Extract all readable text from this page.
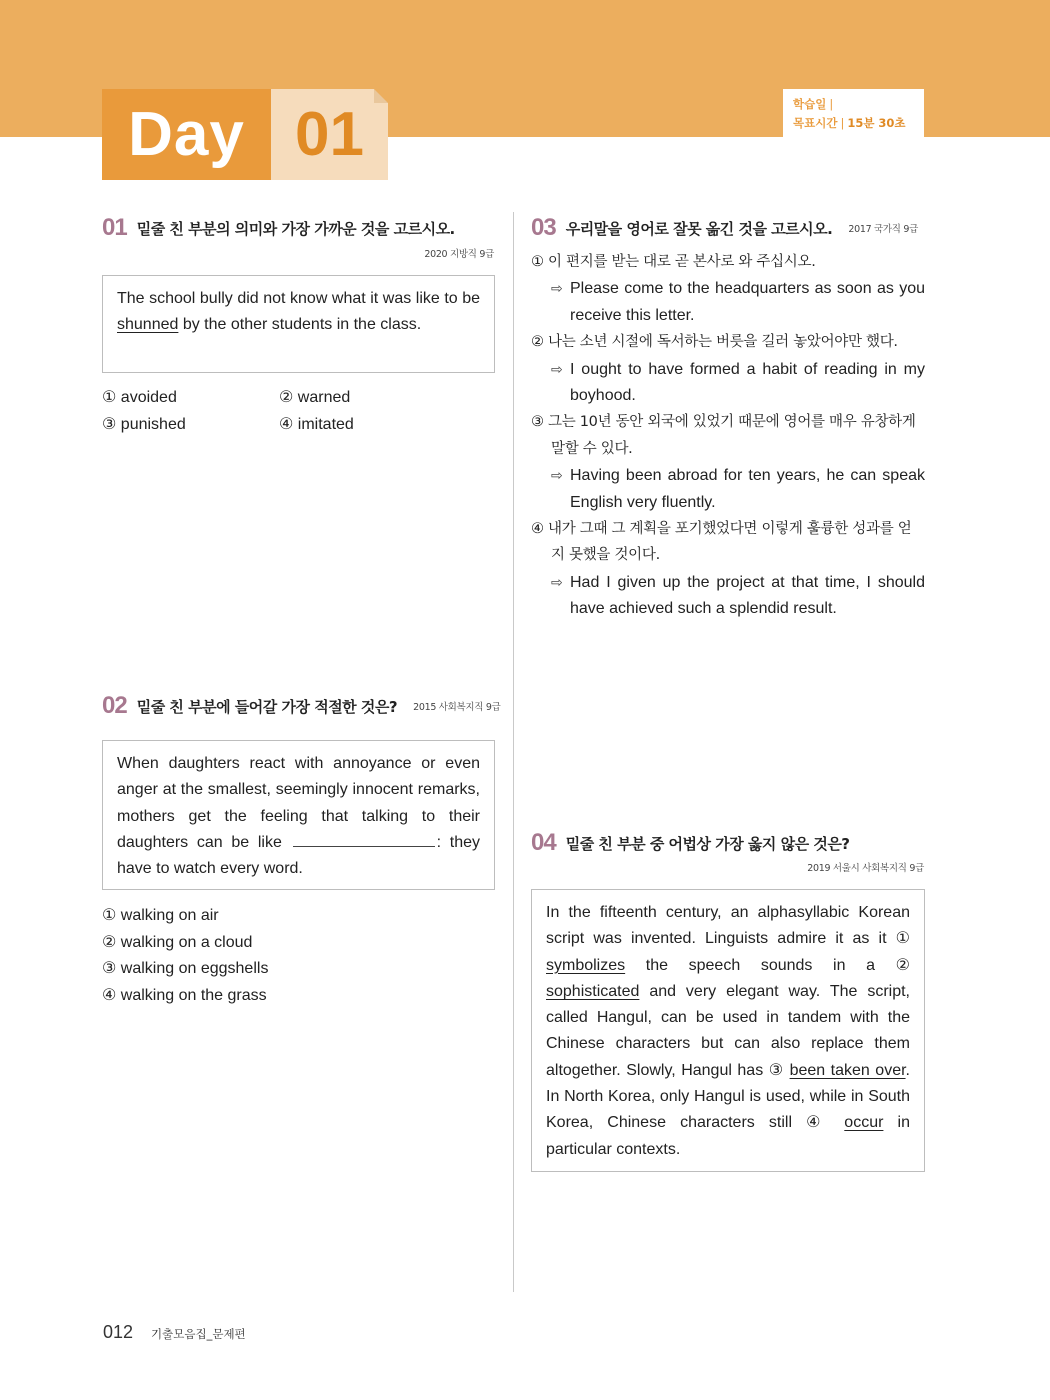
Day 01	학습일 |
목표시간 | 15분 30초
01 밑줄 친 부분의 의미와 가장 가까운 것을 고르시오.
2020 지방직 9급
The school bully did not know what it was like to be shunned by the other students in the class.
① avoided	② warned
③ punished	④ imitated
02 밑줄 친 부분에 들어갈 가장 적절한 것은? 2015 사회복지직 9급
When daughters react with annoyance or even anger at the smallest, seemingly innocent remarks, mothers get the feeling that talking to their daughters can be like	: they have to watch every word.
① walking on air
② walking on a cloud
③ walking on eggshells
④ walking on the grass
03 우리말을 영어로 잘못 옮긴 것을 고르시오. 2017 국가직 9급
① 이 편지를 받는 대로 곧 본사로 와 주십시오.
⇨ Please come to the headquarters as soon as you receive this letter.
② 나는 소년 시절에 독서하는 버릇을 길러 놓았어야만 했다.
⇨ I ought to have formed a habit of reading in my boyhood.
③ 그는 10년 동안 외국에 있었기 때문에 영어를 매우 유창하게 말할 수 있다.
⇨ Having been abroad for ten years, he can speak English very fluently.
④ 내가 그때 그 계획을 포기했었다면 이렇게 훌륭한 성과를 얻지 못했을 것이다.
⇨ Had I given up the project at that time, I should have achieved such a splendid result.
04 밑줄 친 부분 중 어법상 가장 옳지 않은 것은?
2019 서울시 사회복지직 9급
In the fifteenth century, an alphasyllabic Korean script was invented. Linguists admire it as it ① symbolizes the speech sounds in a ② sophisticated and very elegant way. The script, called Hangul, can be used in tandem with the Chinese characters but can also replace them altogether. Slowly, Hangul has ③ been taken over. In North Korea, only Hangul is used, while in South Korea, Chinese characters still ④ occur in particular contexts.
012 기출모음집_문제편
